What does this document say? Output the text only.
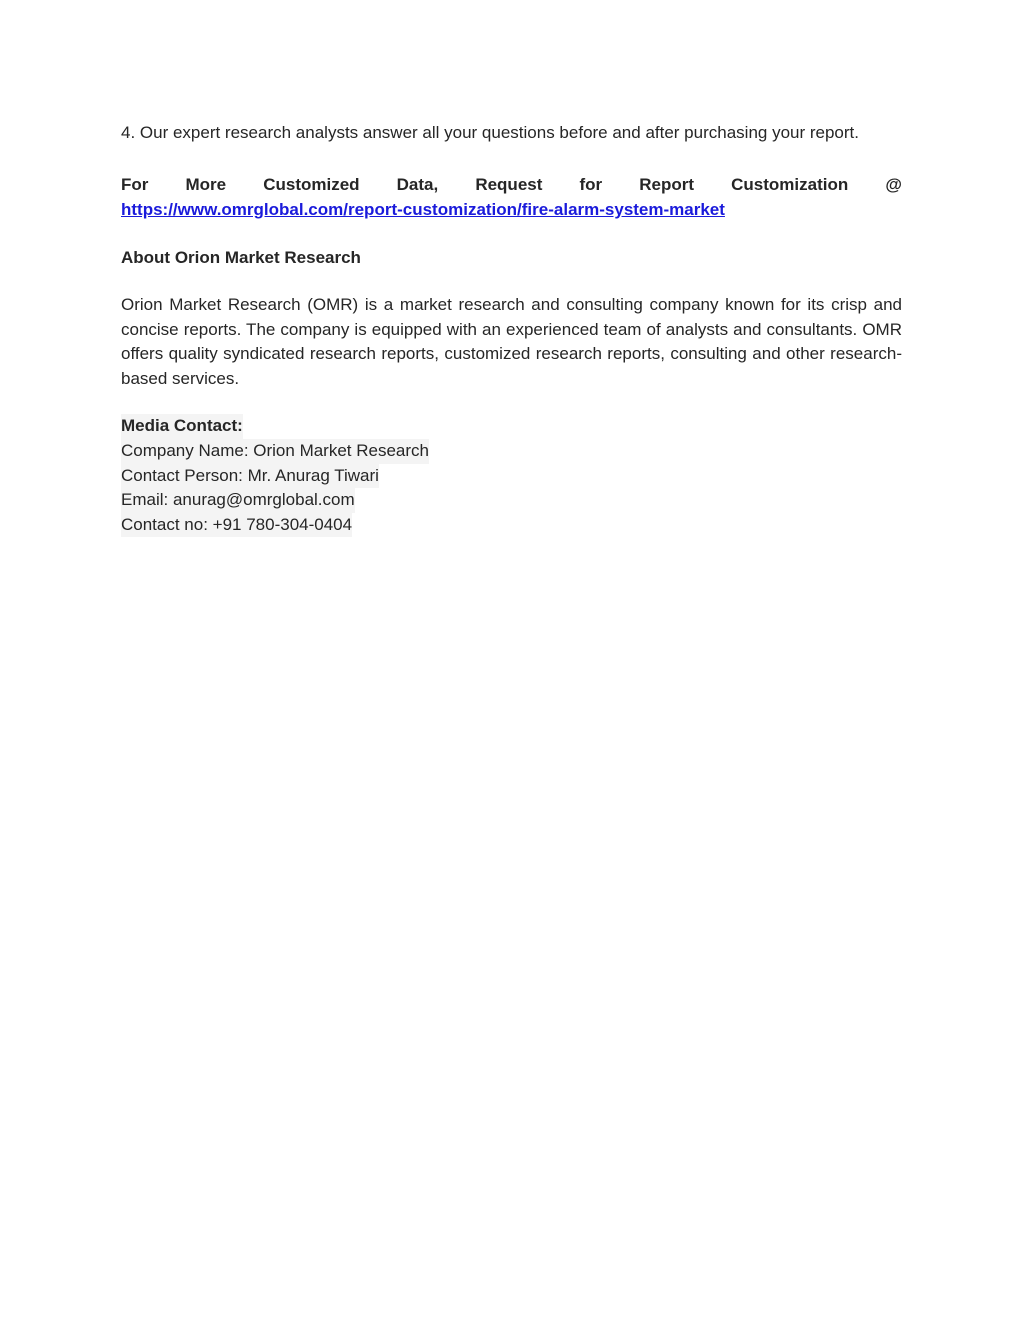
4. Our expert research analysts answer all your questions before and after purchasing your report.

For More Customized Data, Request for Report Customization @
https://www.omrglobal.com/report-customization/fire-alarm-system-market
About Orion Market Research

Orion Market Research (OMR) is a market research and consulting company known for its crisp and concise reports. The company is equipped with an experienced team of analysts and consultants. OMR offers quality syndicated research reports, customized research reports, consulting and other research-based services.

Media Contact:
Company Name: Orion Market Research
Contact Person: Mr. Anurag Tiwari
Email: anurag@omrglobal.com
Contact no: +91 780-304-0404
